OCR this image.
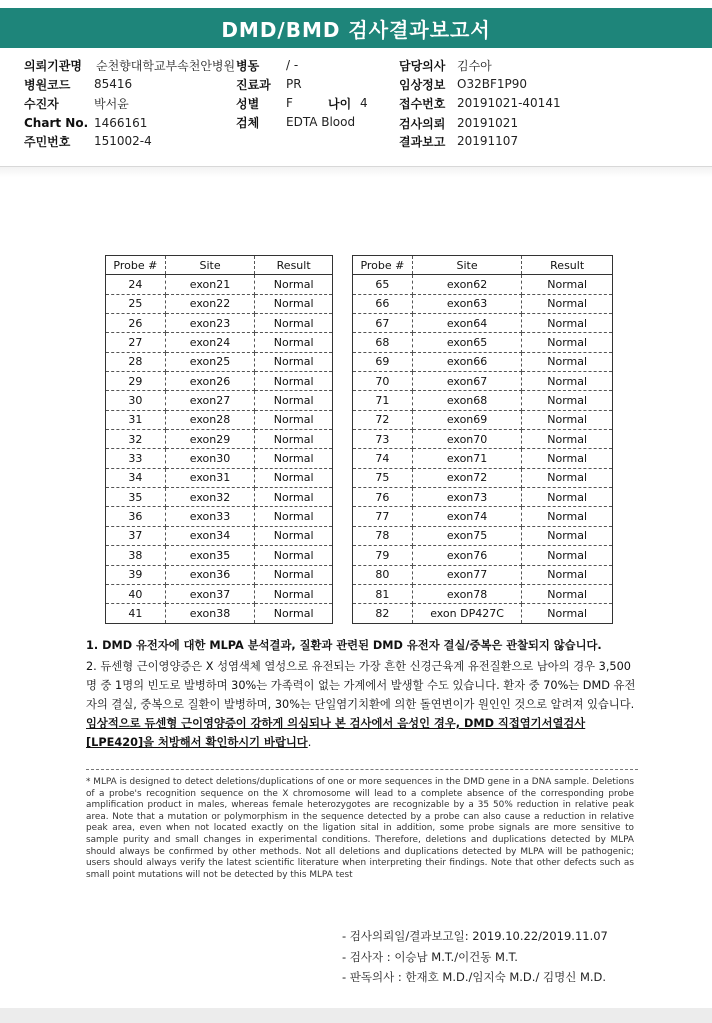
DMD/BMD 검사결과보고서
의뢰기관명	순천향대학교부속천안병원
병원코드	85416
수진자	박서윤
Chart No. 1466161
주민번호	151002-4
병동	/ -
진료과	PR
성별	F	나이 4
검체	EDTA Blood
담당의사 김수아
임상정보 O32BF1P90
접수번호 20191021-40141
검사의뢰 20191021
결과보고 20191107
Probe #	Site	Result
24	exon21	Normal
25	exon22	Normal
26	exon23	Normal
27	exon24	Normal
28	exon25	Normal
29	exon26	Normal
30	exon27	Normal
31	exon28	Normal
32	exon29	Normal
33	exon30	Normal
34	exon31	Normal
35	exon32	Normal
36	exon33	Normal
37	exon34	Normal
38	exon35	Normal
39	exon36	Normal
40	exon37	Normal
41	exon38	Normal
Probe #	Site	Result
65	exon62	Normal
66	exon63	Normal
67	exon64	Normal
68	exon65	Normal
69	exon66	Normal
70	exon67	Normal
71	exon68	Normal
72	exon69	Normal
73	exon70	Normal
74	exon71	Normal
75	exon72	Normal
76	exon73	Normal
77	exon74	Normal
78	exon75	Normal
79	exon76	Normal
80	exon77	Normal
81	exon78	Normal
82	exon DP427C	Normal

1. DMD 유전자에 대한 MLPA 분석결과, 질환과 관련된 DMD 유전자 결실/중복은 관찰되지 않습니다.

2. 듀센형 근이영양증은 X 성염색체 열성으로 유전되는 가장 흔한 신경근육계 유전질환으로 남아의 경우 3,500명 중 1명의 빈도로 발병하며 30%는 가족력이 없는 가계에서 발생할 수도 있습니다. 환자 중 70%는 DMD 유전자의 결실, 중복으로 질환이 발병하며, 30%는 단일염기치환에 의한 돌연변이가 원인인 것으로 알려져 있습니다. 임상적으로 듀센형 근이영양증이 강하게 의심되나 본 검사에서 음성인 경우, DMD 직접염기서열검사 [LPE420]을 처방해서 확인하시기 바랍니다.

* MLPA is designed to detect deletions/duplications of one or more sequences in the DMD gene in a DNA sample. Deletions of a probe's recognition sequence on the X chromosome will lead to a complete absence of the corresponding probe amplification product in males, whereas female heterozygotes are recognizable by a 35 50% reduction in relative peak area. Note that a mutation or polymorphism in the sequence detected by a probe can also cause a reduction in relative peak area, even when not located exactly on the ligation sital in addition, some probe signals are more sensitive to sample purity and small changes in experimental conditions. Therefore, deletions and duplications detected by MLPA should always be confirmed by other methods. Not all deletions and duplications detected by MLPA will be pathogenic; users should always verify the latest scientific literature when interpreting their findings. Note that other defects such as small point mutations will not be detected by this MLPA test
- 검사의뢰일/결과보고일: 2019.10.22/2019.11.07
- 검사자 : 이승남 M.T./이건동 M.T.
- 판독의사 : 한재호 M.D./임지숙 M.D./ 김명신 M.D.
